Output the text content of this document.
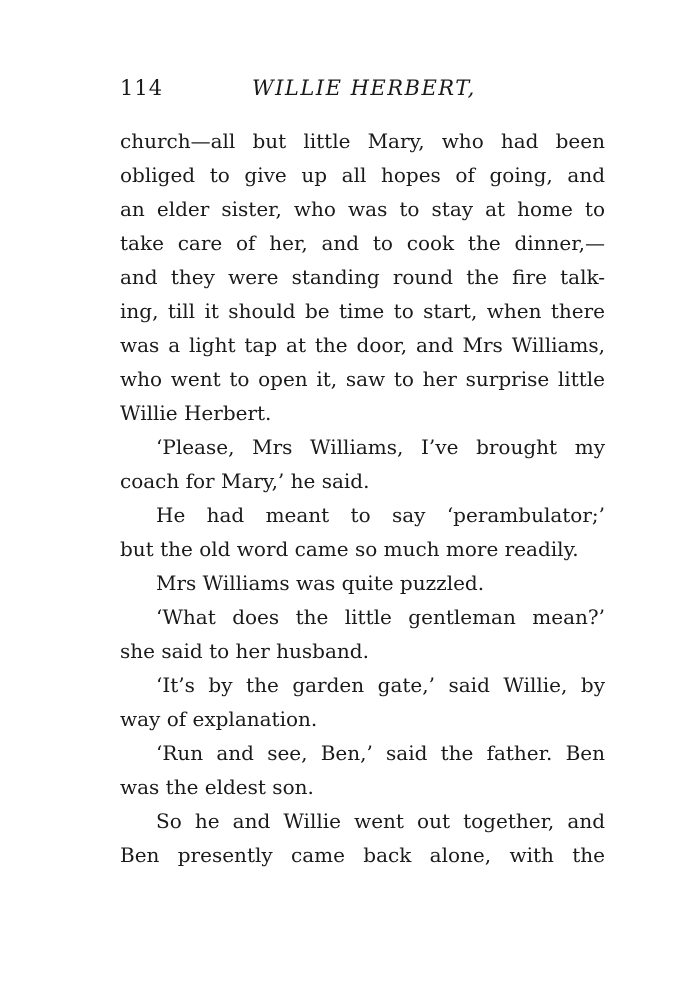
114	WILLIE HERBERT,
church—all but little Mary, who had been
obliged to give up all hopes of going, and
an elder sister, who was to stay at home to
take care of her, and to cook the dinner,—
and they were standing round the fire talk-
ing, till it should be time to start, when there
was a light tap at the door, and Mrs Williams,
who went to open it, saw to her surprise little
Willie Herbert.
‘Please, Mrs Williams, I’ve brought my
coach for Mary,’ he said.
He had meant to say ‘perambulator;’
but the old word came so much more readily.
Mrs Williams was quite puzzled.
‘What does the little gentleman mean?’
she said to her husband.
‘It’s by the garden gate,’ said Willie, by
way of explanation.
‘Run and see, Ben,’ said the father. Ben
was the eldest son.
So he and Willie went out together, and
Ben presently came back alone, with the
